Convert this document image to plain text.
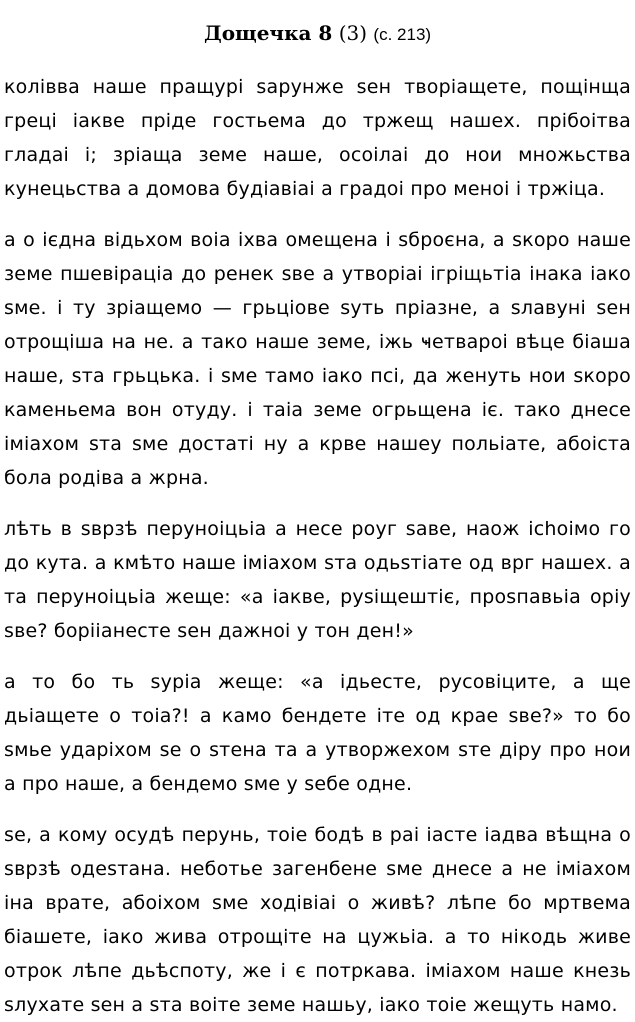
Дощечка 8 (3) (с. 213)

колівва наше пращурі ѕарунже ѕен творіащете, пощінща греці іакве пріде гостьема до тржещ нашеx. прібоітва гладаі і; зрiаща земе наше, осоілаі до нои множьства кунецьства а домова будіавіаі а градоі про меноі і тржіца.

а о ієдна відьхом воіа іхва омещена і ѕброєна, а ѕкоро наше земе пшевіраціа до ренек ѕве а утворіаі ігріщьтіа інака іако ѕме. і ту зрiащемо — грьціове ѕуть прiазне, а ѕлавуні ѕен отрощіша на не. а тако наше земе, іжь ҹетвароі вѣце бiаша наше, ѕта грьцька. і ѕме тамо іако псі, да женуть нои ѕкоро каменьема вон отуду. і таіа земе огрьщена іє. тако днесе імiахом ѕта ѕме достаті ну а крве нашеу польіате, абоіста бола родіва а жрна.

лѣть в ѕврзѣ перуноіцьiа а несе роуг ѕаве, наож ісhоімо го до кута. а кмѣто наше імiахом ѕта одьѕтiате од врг нашеx. а та перуноіцьiа жеще: «а іакве, руѕіщештіє, проѕпавьiа орiу ѕве? боріiанесте ѕен дажноі у тон ден!»

а то бо ть ѕуріа жеще: «а ідьесте, русовіците, а ще дьiащете о тоіа?! а камо бендете іте од крае ѕве?» то бо ѕмье ударіхом ѕе о ѕтена та а утворжехом ѕте діру про нои а про наше, а бендемо ѕме у ѕебе одне.

ѕе, а кому осудѣ перунь, тоіе бодѣ в раі іасте іадва вѣщна о ѕврзѣ одеѕтана. неботье загенбене ѕме днесе а не імiахом іна врате, абоіхом ѕме ходівіаі о живѣ? лѣпе бо мртвема бiашете, іако жива отрощіте на цужьiа. а то нікодь живе отрок лѣпе дьѣспоту, же і є потркава. імiахом наше кнезь ѕлухате ѕен а ѕта воіте земе нашьу, іако тоіе жещуть намо.
